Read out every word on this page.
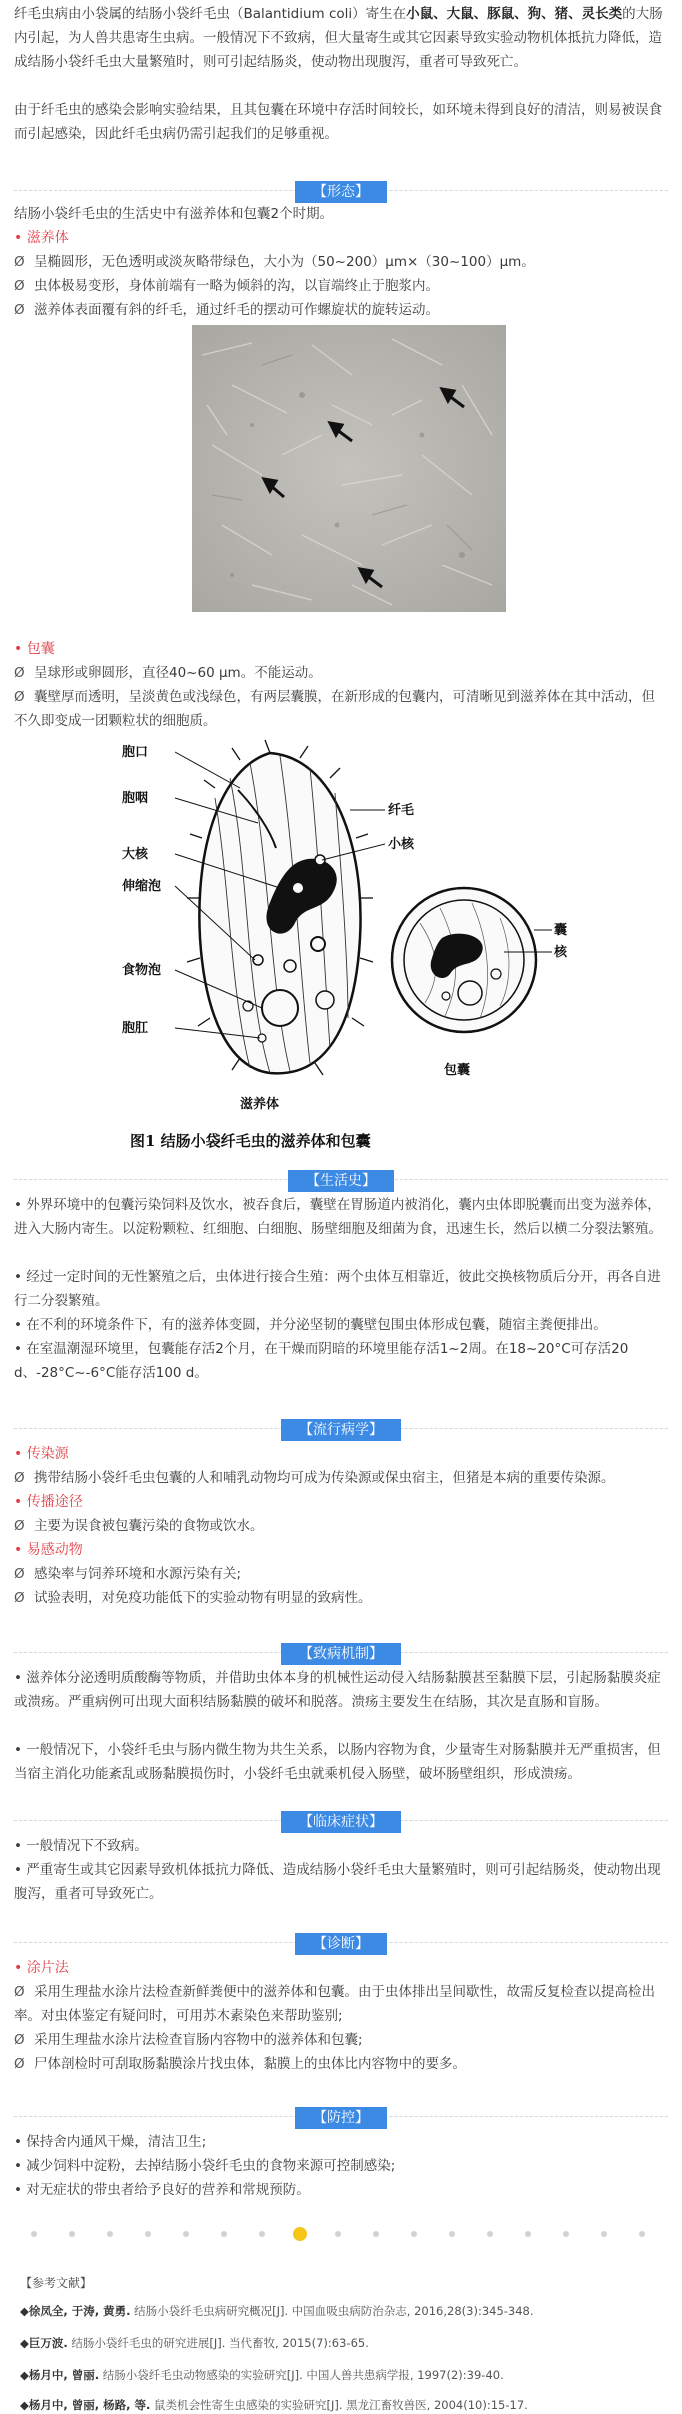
纤毛虫病由小袋属的结肠小袋纤毛虫（Balantidium coli）寄生在小鼠、大鼠、豚鼠、狗、猪、灵长类的大肠内引起，为人兽共患寄生虫病。一般情况下不致病，但大量寄生或其它因素导致实验动物机体抵抗力降低，造成结肠小袋纤毛虫大量繁殖时，则可引起结肠炎，使动物出现腹泻，重者可导致死亡。

由于纤毛虫的感染会影响实验结果，且其包囊在环境中存活时间较长，如环境未得到良好的清洁，则易被误食而引起感染，因此纤毛虫病仍需引起我们的足够重视。

【形态】

结肠小袋纤毛虫的生活史中有滋养体和包囊2个时期。

• 滋养体

Ø 呈椭圆形，无色透明或淡灰略带绿色，大小为（50~200）μm×（30~100）μm。

Ø 虫体极易变形，身体前端有一略为倾斜的沟，以盲端终止于胞浆内。

Ø 滋养体表面覆有斜的纤毛，通过纤毛的摆动可作螺旋状的旋转运动。

• 包囊

Ø 呈球形或卵圆形，直径40~60 μm。不能运动。

Ø 囊壁厚而透明，呈淡黄色或浅绿色，有两层囊膜，在新形成的包囊内，可清晰见到滋养体在其中活动，但不久即变成一团颗粒状的细胞质。

胞口
胞咽
大核
伸缩泡
食物泡
胞肛
纤毛
小核
滋养体
囊
核
包囊
图1 结肠小袋纤毛虫的滋养体和包囊
【生活史】

• 外界环境中的包囊污染饲料及饮水，被吞食后，囊壁在胃肠道内被消化，囊内虫体即脱囊而出变为滋养体，进入大肠内寄生。以淀粉颗粒、红细胞、白细胞、肠壁细胞及细菌为食，迅速生长，然后以横二分裂法繁殖。

• 经过一定时间的无性繁殖之后，虫体进行接合生殖：两个虫体互相靠近，彼此交换核物质后分开，再各自进行二分裂繁殖。

• 在不利的环境条件下，有的滋养体变圆，并分泌坚韧的囊壁包围虫体形成包囊，随宿主粪便排出。

• 在室温潮湿环境里，包囊能存活2个月，在干燥而阴暗的环境里能存活1~2周。在18~20°C可存活20 d、-28°C~-6°C能存活100 d。

【流行病学】

• 传染源

Ø 携带结肠小袋纤毛虫包囊的人和哺乳动物均可成为传染源或保虫宿主，但猪是本病的重要传染源。

• 传播途径

Ø 主要为误食被包囊污染的食物或饮水。

• 易感动物

Ø 感染率与饲养环境和水源污染有关;

Ø 试验表明，对免疫功能低下的实验动物有明显的致病性。

【致病机制】

• 滋养体分泌透明质酸酶等物质，并借助虫体本身的机械性运动侵入结肠黏膜甚至黏膜下层，引起肠黏膜炎症或溃疡。严重病例可出现大面积结肠黏膜的破坏和脱落。溃疡主要发生在结肠，其次是直肠和盲肠。

• 一般情况下，小袋纤毛虫与肠内微生物为共生关系，以肠内容物为食，少量寄生对肠黏膜并无严重损害，但当宿主消化功能紊乱或肠黏膜损伤时，小袋纤毛虫就乘机侵入肠壁，破坏肠壁组织，形成溃疡。

【临床症状】

• 一般情况下不致病。

• 严重寄生或其它因素导致机体抵抗力降低、造成结肠小袋纤毛虫大量繁殖时，则可引起结肠炎，使动物出现腹泻，重者可导致死亡。

【诊断】

• 涂片法

Ø 采用生理盐水涂片法检查新鲜粪便中的滋养体和包囊。由于虫体排出呈间歇性，故需反复检查以提高检出率。对虫体鉴定有疑问时，可用苏木素染色来帮助鉴别;

Ø 采用生理盐水涂片法检查盲肠内容物中的滋养体和包囊;

Ø 尸体剖检时可刮取肠黏膜涂片找虫体，黏膜上的虫体比内容物中的要多。

【防控】

• 保持舍内通风干燥，清洁卫生;

• 减少饲料中淀粉，去掉结肠小袋纤毛虫的食物来源可控制感染;

• 对无症状的带虫者给予良好的营养和常规预防。

【参考文献】

◆徐凤全, 于涛, 黄勇. 结肠小袋纤毛虫病研究概况[J]. 中国血吸虫病防治杂志, 2016,28(3):345-348.

◆巨万波. 结肠小袋纤毛虫的研究进展[J]. 当代畜牧, 2015(7):63-65.

◆杨月中, 曾丽. 结肠小袋纤毛虫动物感染的实验研究[J]. 中国人兽共患病学报, 1997(2):39-40.

◆杨月中, 曾丽, 杨路, 等. 鼠类机会性寄生虫感染的实验研究[J]. 黑龙江畜牧兽医, 2004(10):15-17.
